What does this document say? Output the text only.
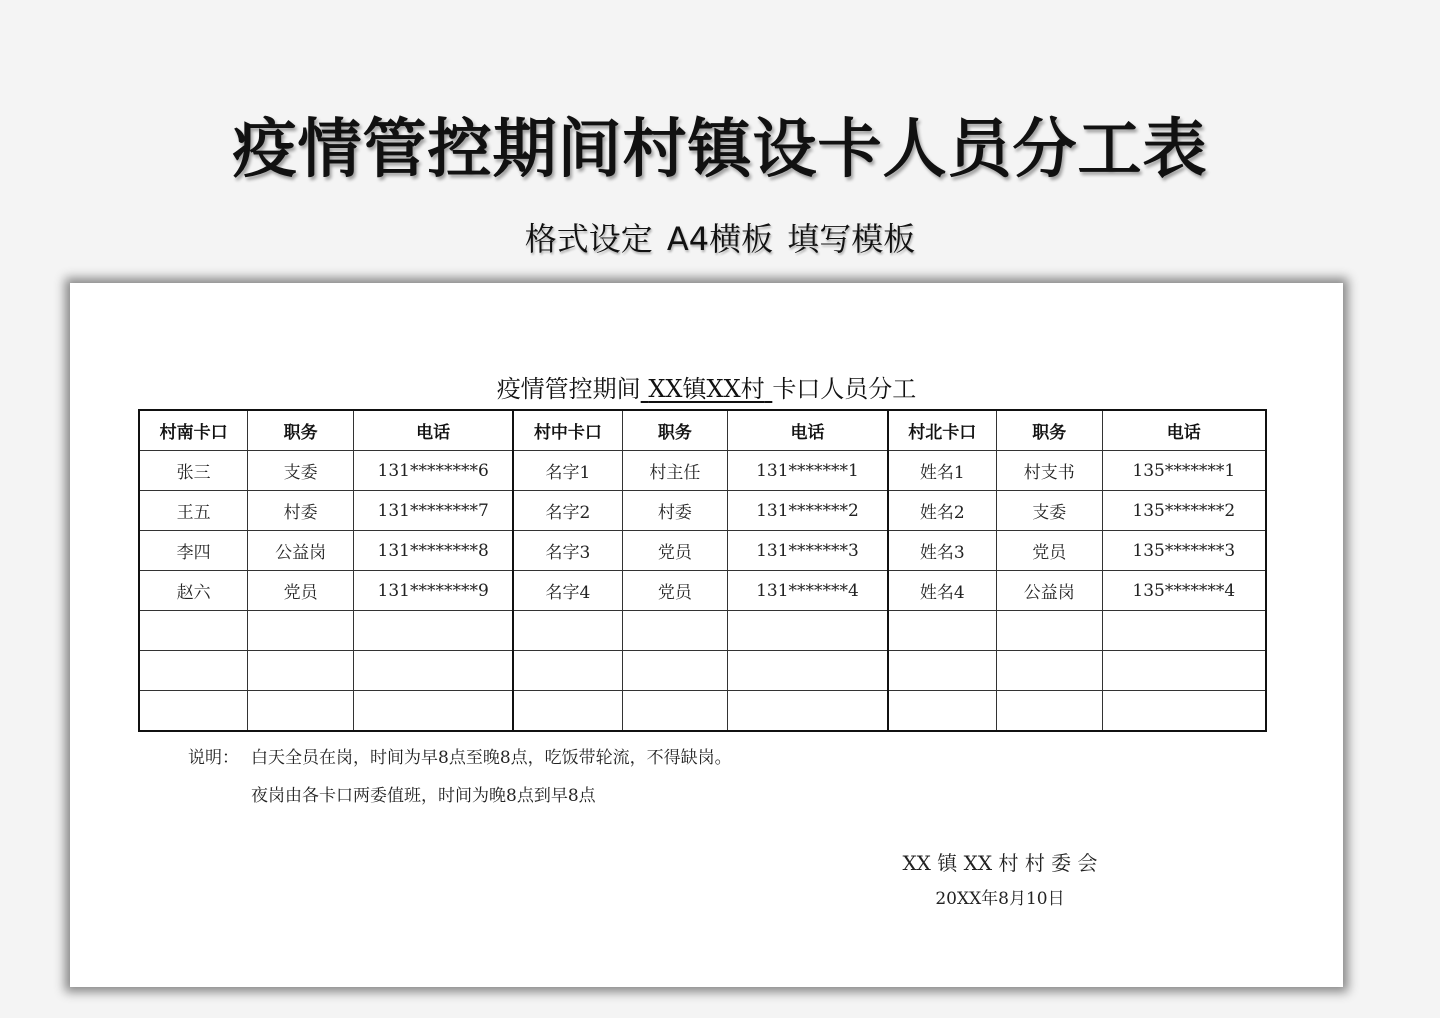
疫情管控期间村镇设卡人员分工表
格式设定 A4横板 填写模板
疫情管控期间 XX镇XX村 卡口人员分工
村南卡口	职务	电话	村中卡口	职务	电话	村北卡口	职务	电话
张三	支委	131********6	名字1	村主任	131*******1	姓名1	村支书	135*******1
王五	村委	131********7	名字2	村委	131*******2	姓名2	支委	135*******2
李四	公益岗	131********8	名字3	党员	131*******3	姓名3	党员	135*******3
赵六	党员	131********9	名字4	党员	131*******4	姓名4	公益岗	135*******4

说明： 白天全员在岗，时间为早8点至晚8点，吃饭带轮流，不得缺岗。
夜岗由各卡口两委值班，时间为晚8点到早8点
XX 镇 XX 村 村 委 会
20XX年8月10日
